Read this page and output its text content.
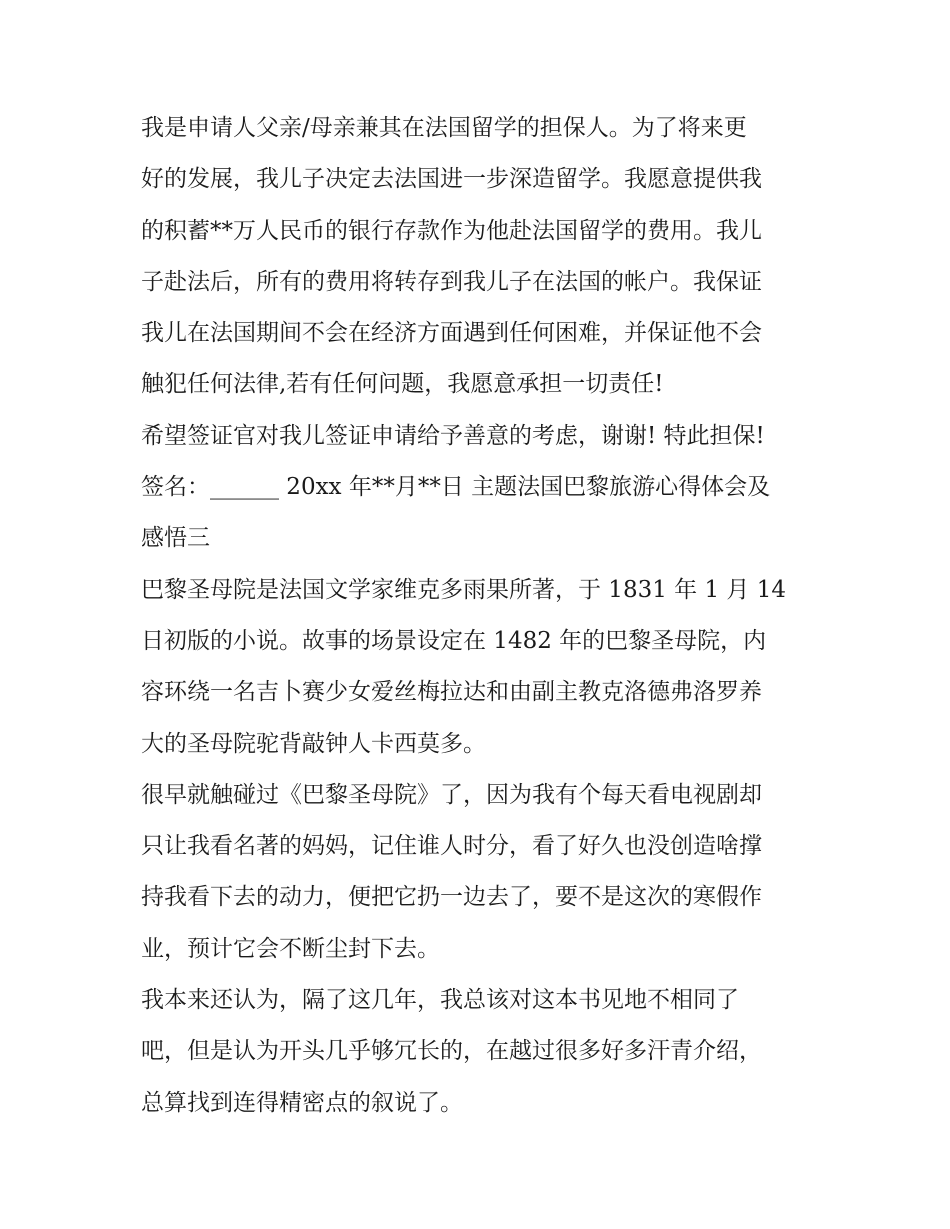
我是申请人父亲/母亲兼其在法国留学的担保人。为了将来更
好的发展，我儿子决定去法国进一步深造留学。我愿意提供我
的积蓄**万人民币的银行存款作为他赴法国留学的费用。我儿
子赴法后，所有的费用将转存到我儿子在法国的帐户。我保证
我儿在法国期间不会在经济方面遇到任何困难，并保证他不会
触犯任何法律,若有任何问题，我愿意承担一切责任!
希望签证官对我儿签证申请给予善意的考虑，谢谢! 特此担保!
签名：______ 20xx 年**月**日 主题法国巴黎旅游心得体会及
感悟三
巴黎圣母院是法国文学家维克多雨果所著，于 1831 年 1 月 14
日初版的小说。故事的场景设定在 1482 年的巴黎圣母院，内
容环绕一名吉卜赛少女爱丝梅拉达和由副主教克洛德弗洛罗养
大的圣母院驼背敲钟人卡西莫多。
很早就触碰过《巴黎圣母院》了，因为我有个每天看电视剧却
只让我看名著的妈妈，记住谁人时分，看了好久也没创造啥撑
持我看下去的动力，便把它扔一边去了，要不是这次的寒假作
业，预计它会不断尘封下去。
我本来还认为，隔了这几年，我总该对这本书见地不相同了
吧，但是认为开头几乎够冗长的，在越过很多好多汗青介绍，
总算找到连得精密点的叙说了。
